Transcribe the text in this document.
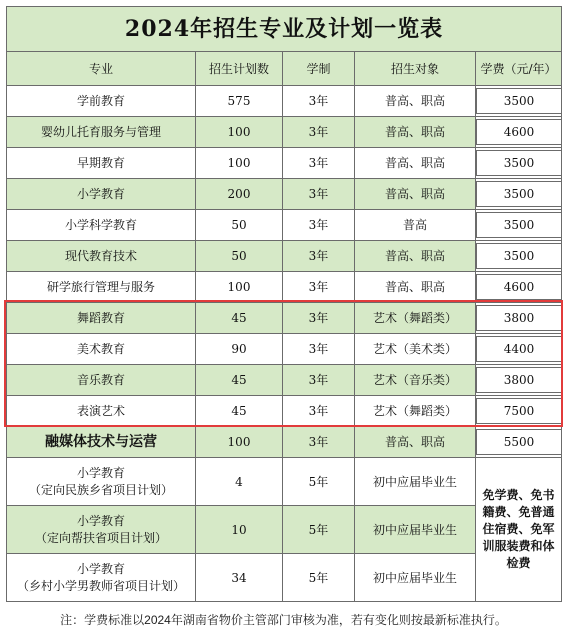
2024年招生专业及计划一览表				
专业	招生计划数	学制	招生对象	学费（元/年）
学前教育	575	3年	普高、职高	3500
婴幼儿托育服务与管理	100	3年	普高、职高	4600
早期教育	100	3年	普高、职高	3500
小学教育	200	3年	普高、职高	3500
小学科学教育	50	3年	普高	3500
现代教育技术	50	3年	普高、职高	3500
研学旅行管理与服务	100	3年	普高、职高	4600
舞蹈教育	45	3年	艺术（舞蹈类）	3800
美术教育	90	3年	艺术（美术类）	4400
音乐教育	45	3年	艺术（音乐类）	3800
表演艺术	45	3年	艺术（舞蹈类）	7500
融媒体技术与运营	100	3年	普高、职高	5500

小学教育
（定向民族乡省项目计划）	4	5年	初中应届毕业生	免学费、免书籍费、免普通住宿费、免军训服装费和体检费

小学教育
（定向帮扶省项目计划）	10	5年	初中应届毕业生	

小学教育
（乡村小学男教师省项目计划）	34	5年	初中应届毕业生	
注：学费标准以2024年湖南省物价主管部门审核为准，若有变化则按最新标准执行。
